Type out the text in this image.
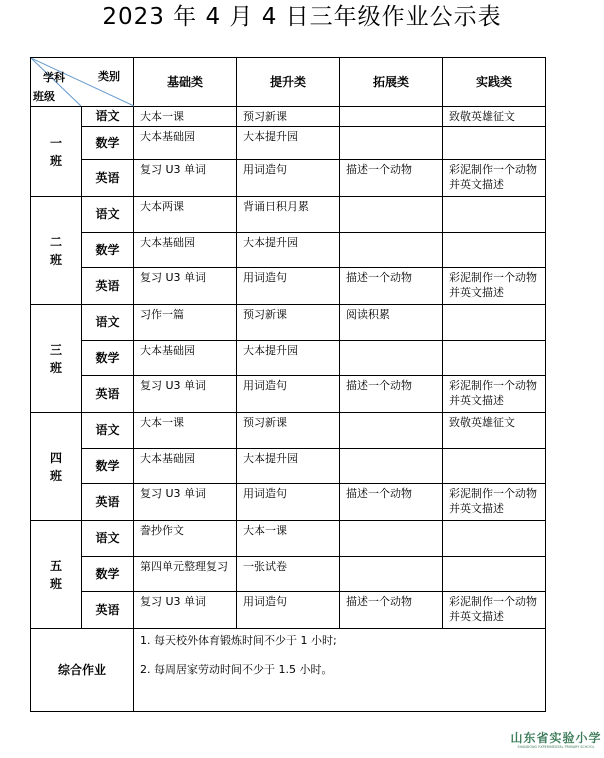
2023 年 4 月 4 日三年级作业公示表
学科 类别
班级		基础类	提升类	拓展类	实践类
一
班	语文	大本一课	预习新课		致敬英雄征文
	数学	大本基础园	大本提升园		
	英语	复习 U3 单词	用词造句	描述一个动物	彩泥制作一个动物并英文描述
二
班	语文	大本两课	背诵日积月累		
	数学	大本基础园	大本提升园		
	英语	复习 U3 单词	用词造句	描述一个动物	彩泥制作一个动物并英文描述
三
班	语文	习作一篇	预习新课	阅读积累	
	数学	大本基础园	大本提升园		
	英语	复习 U3 单词	用词造句	描述一个动物	彩泥制作一个动物并英文描述
四
班	语文	大本一课	预习新课		致敬英雄征文
	数学	大本基础园	大本提升园		
	英语	复习 U3 单词	用词造句	描述一个动物	彩泥制作一个动物并英文描述
五
班	语文	誊抄作文	大本一课		
	数学	第四单元整理复习	一张试卷		
	英语	复习 U3 单词	用词造句	描述一个动物	彩泥制作一个动物并英文描述
综合作业		1. 每天校外体育锻炼时间不少于 1 小时;
2. 每周居家劳动时间不少于 1.5 小时。			
山东省实验小学
SHANDONG EXPERIMENTAL PRIMARY SCHOOL
